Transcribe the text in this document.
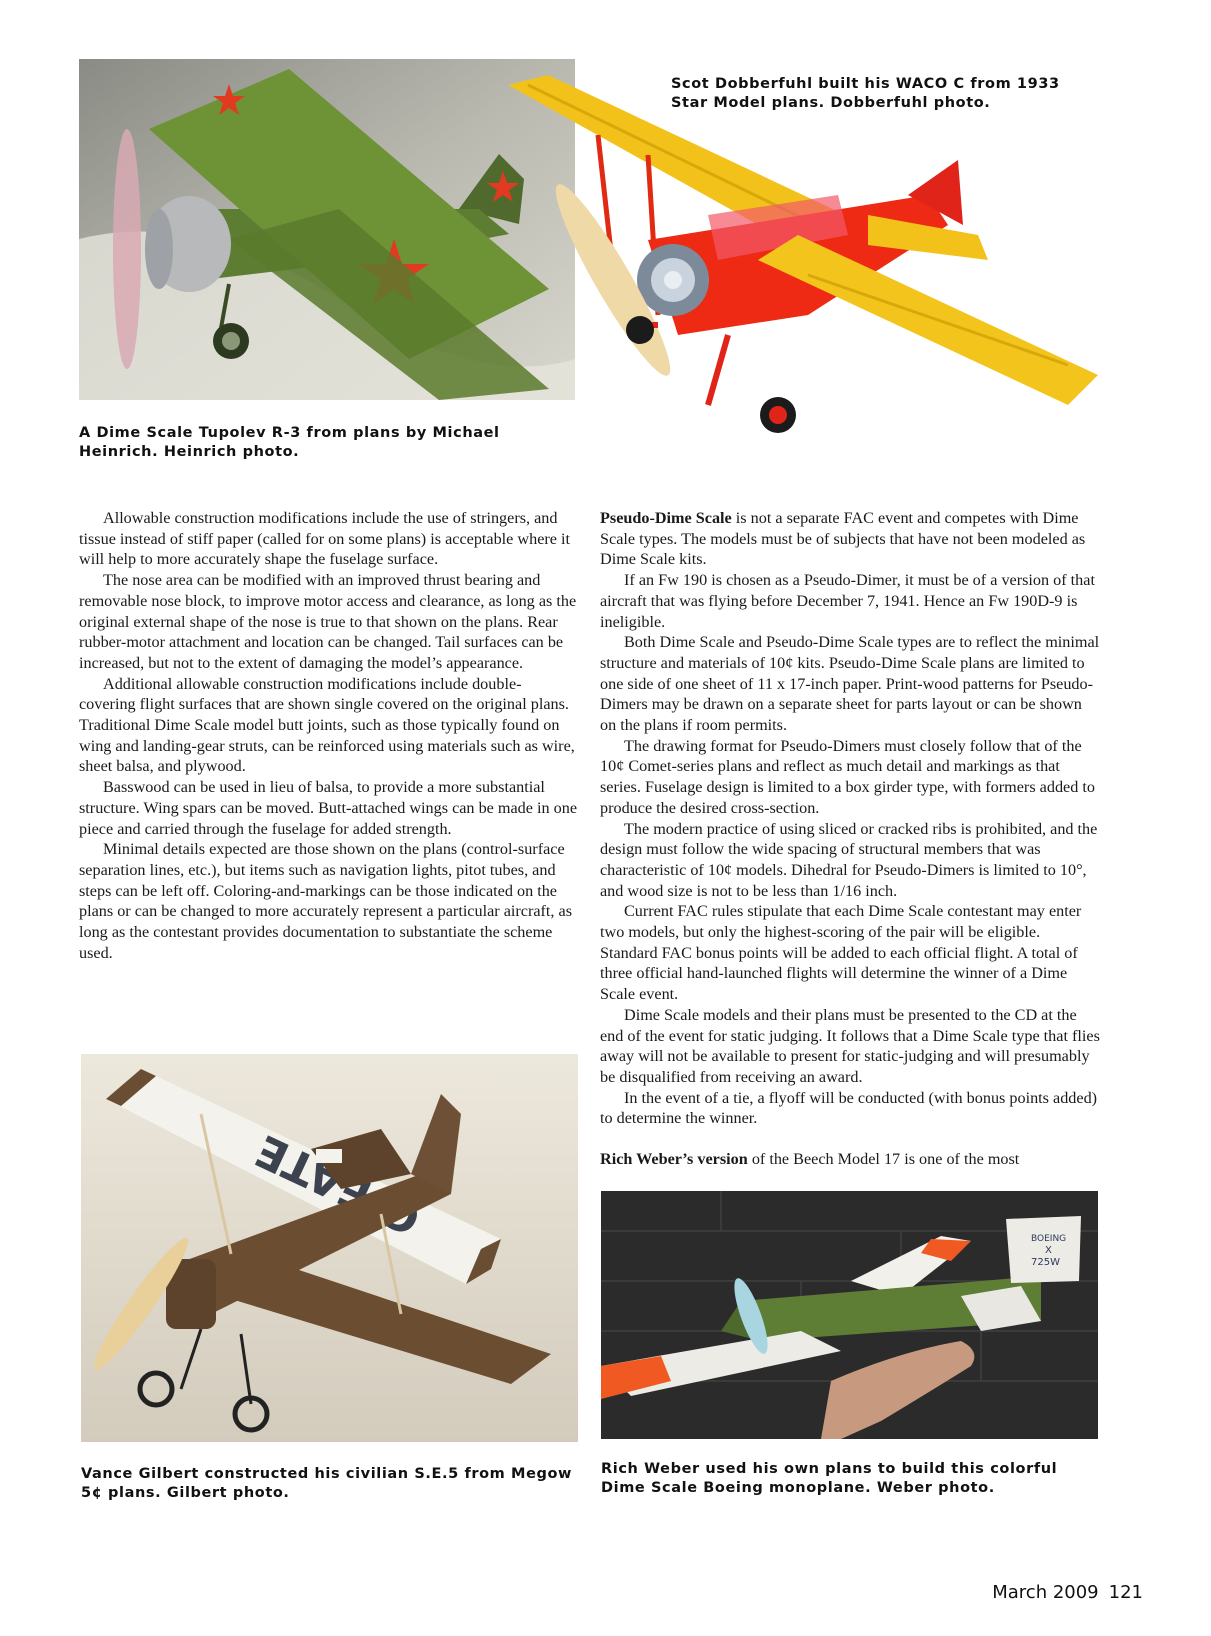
A Dime Scale Tupolev R-3 from plans by Michael Heinrich. Heinrich photo.
Scot Dobberfuhl built his WACO C from 1933 Star Model plans. Dobberfuhl photo.

Allowable construction modifications include the use of stringers, and tissue instead of stiff paper (called for on some plans) is acceptable where it will help to more accurately shape the fuselage surface.

The nose area can be modified with an improved thrust bearing and removable nose block, to improve motor access and clearance, as long as the original external shape of the nose is true to that shown on the plans. Rear rubber-motor attachment and location can be changed. Tail surfaces can be increased, but not to the extent of damaging the model’s appearance.

Additional allowable construction modifications include double-covering flight surfaces that are shown single covered on the original plans. Traditional Dime Scale model butt joints, such as those typically found on wing and landing-gear struts, can be reinforced using materials such as wire, sheet balsa, and plywood.

Basswood can be used in lieu of balsa, to provide a more substantial structure. Wing spars can be moved. Butt-attached wings can be made in one piece and carried through the fuselage for added strength.

Minimal details expected are those shown on the plans (control-surface separation lines, etc.), but items such as navigation lights, pitot tubes, and steps can be left off. Coloring-and-markings can be those indicated on the plans or can be changed to more accurately represent a particular aircraft, as long as the contestant provides documentation to substantiate the scheme used.

Pseudo-Dime Scale is not a separate FAC event and competes with Dime Scale types. The models must be of subjects that have not been modeled as Dime Scale kits.

If an Fw 190 is chosen as a Pseudo-Dimer, it must be of a version of that aircraft that was flying before December 7, 1941. Hence an Fw 190D-9 is ineligible.

Both Dime Scale and Pseudo-Dime Scale types are to reflect the minimal structure and materials of 10¢ kits. Pseudo-Dime Scale plans are limited to one side of one sheet of 11 x 17-inch paper. Print-wood patterns for Pseudo-Dimers may be drawn on a separate sheet for parts layout or can be shown on the plans if room permits.

The drawing format for Pseudo-Dimers must closely follow that of the 10¢ Comet-series plans and reflect as much detail and markings as that series. Fuselage design is limited to a box girder type, with formers added to produce the desired cross-section.

The modern practice of using sliced or cracked ribs is prohibited, and the design must follow the wide spacing of structural members that was characteristic of 10¢ models. Dihedral for Pseudo-Dimers is limited to 10°, and wood size is not to be less than 1/16 inch.

Current FAC rules stipulate that each Dime Scale contestant may enter two models, but only the highest-scoring of the pair will be eligible. Standard FAC bonus points will be added to each official flight. A total of three official hand-launched flights will determine the winner of a Dime Scale event.

Dime Scale models and their plans must be presented to the CD at the end of the event for static judging. It follows that a Dime Scale type that flies away will not be available to present for static-judging and will presumably be disqualified from receiving an award.

In the event of a tie, a flyoff will be conducted (with bonus points added) to determine the winner.

Rich Weber’s version of the Beech Model 17 is one of the most

Vance Gilbert constructed his civilian S.E.5 from Megow 5¢ plans. Gilbert photo.
BOEING
X
725W
Rich Weber used his own plans to build this colorful Dime Scale Boeing monoplane. Weber photo.
March 2009 121
